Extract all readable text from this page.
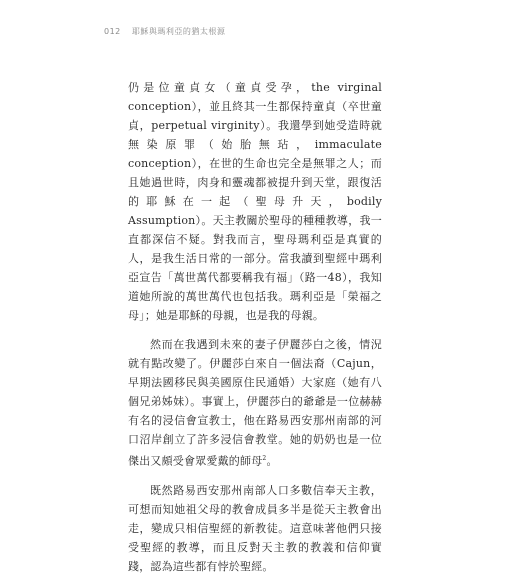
012 耶穌與瑪利亞的猶太根源

仍是位童貞女（童貞受孕，the virginal conception），並且終其一生都保持童貞（卒世童貞，perpetual virginity）。我還學到她受造時就無染原罪（始胎無玷，immaculate conception），在世的生命也完全是無罪之人；而且她過世時，肉身和靈魂都被提升到天堂，跟復活的耶穌在一起（聖母升天，bodily Assumption）。天主教關於聖母的種種教導，我一直都深信不疑。對我而言，聖母瑪利亞是真實的人，是我生活日常的一部分。當我讀到聖經中瑪利亞宣告「萬世萬代都要稱我有福」（路一48），我知道她所說的萬世萬代也包括我。瑪利亞是「榮福之母」；她是耶穌的母親，也是我的母親。

然而在我遇到未來的妻子伊麗莎白之後，情況就有點改變了。伊麗莎白來自一個法裔（Cajun，早期法國移民與美國原住民通婚）大家庭（她有八個兄弟姊妹）。事實上，伊麗莎白的爺爺是一位赫赫有名的浸信會宣教士，他在路易西安那州南部的河口沼岸創立了許多浸信會教堂。她的奶奶也是一位傑出又頗受會眾愛戴的師母$^2$。

既然路易西安那州南部人口多數信奉天主教，可想而知她祖父母的教會成員多半是從天主教會出走，變成只相信聖經的新教徒。這意味著他們只接受聖經的教導，而且反對天主教的教義和信仰實踐，認為這些都有悖於聖經。
